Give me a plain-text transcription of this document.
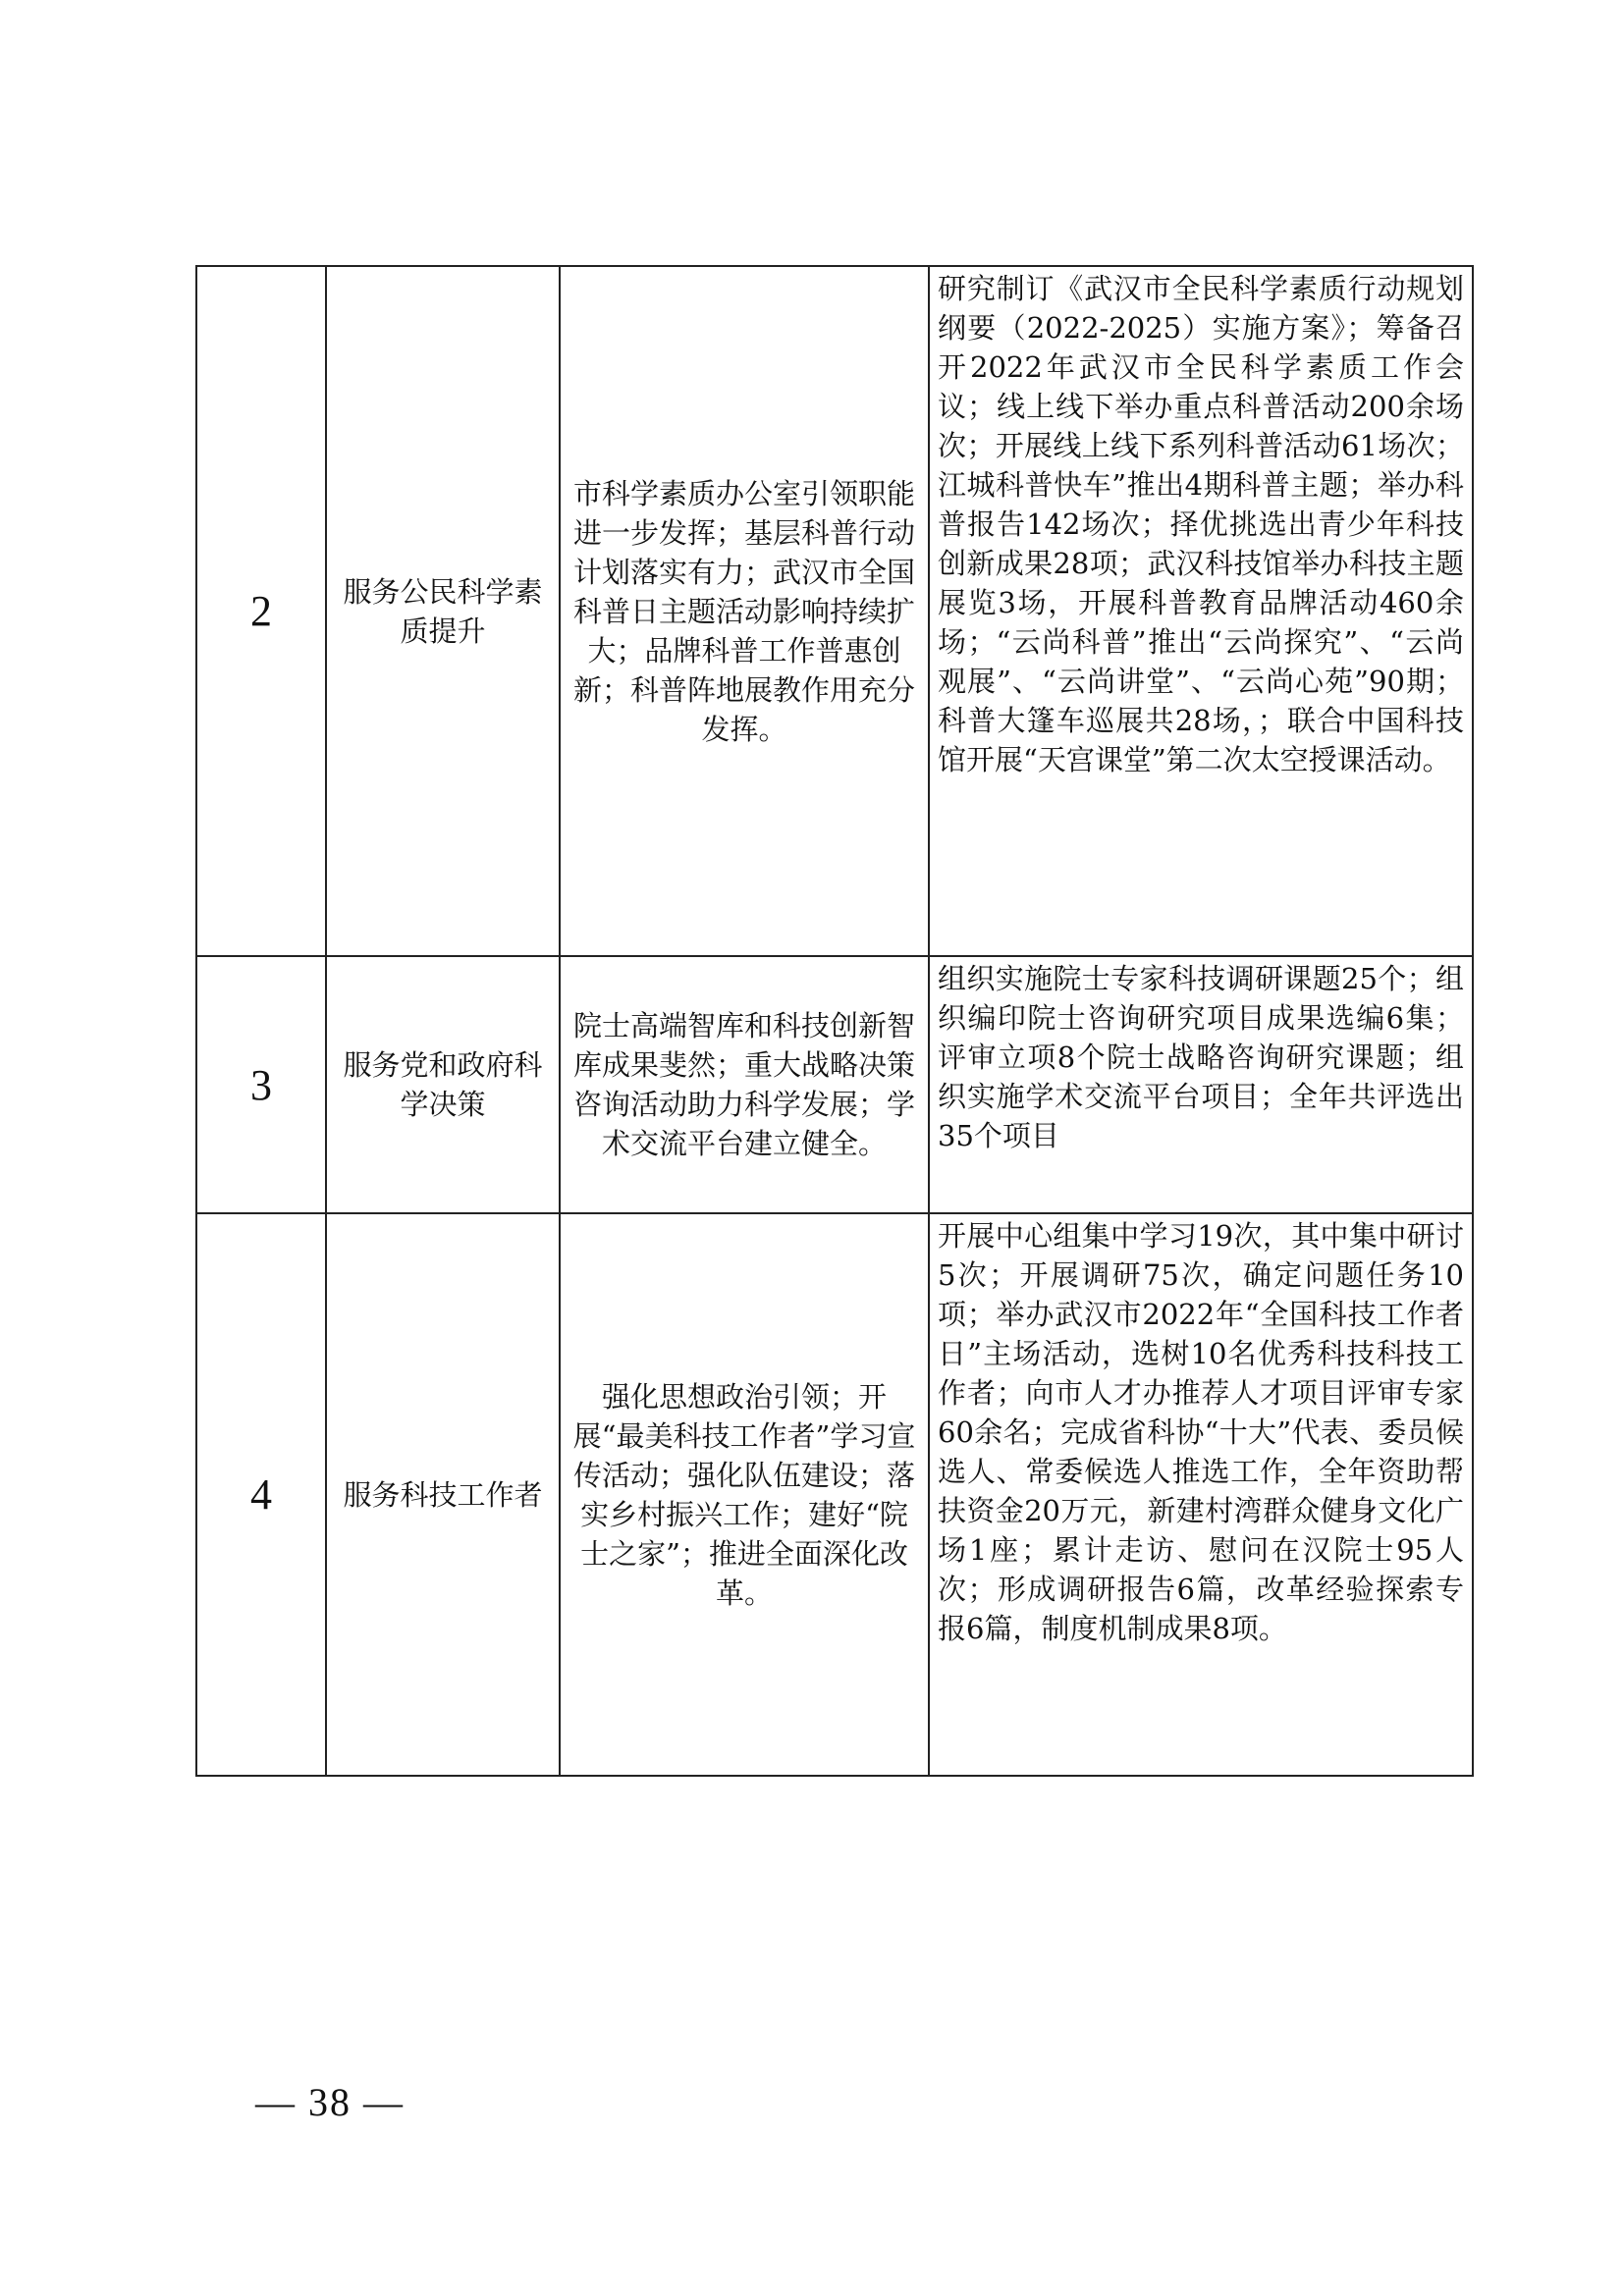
2	服务公民科学素质提升	市科学素质办公室引领职能进一步发挥；基层科普行动计划落实有力；武汉市全国科普日主题活动影响持续扩大；品牌科普工作普惠创新；科普阵地展教作用充分发挥。	研究制订《武汉市全民科学素质行动规划纲要（2022-2025）实施方案》；筹备召开2022年武汉市全民科学素质工作会议；线上线下举办重点科普活动200余场次；开展线上线下系列科普活动61场次；江城科普快车”推出4期科普主题；举办科普报告142场次；择优挑选出青少年科技创新成果28项；武汉科技馆举办科技主题展览3场，开展科普教育品牌活动460余场；“云尚科普”推出“云尚探究”、“云尚观展”、“云尚讲堂”、“云尚心苑”90期；科普大篷车巡展共28场，；联合中国科技馆开展“天宫课堂”第二次太空授课活动。
3	服务党和政府科学决策	院士高端智库和科技创新智库成果斐然；重大战略决策咨询活动助力科学发展；学术交流平台建立健全。	组织实施院士专家科技调研课题25个；组织编印院士咨询研究项目成果选编6集；评审立项8个院士战略咨询研究课题；组织实施学术交流平台项目；全年共评选出35个项目
4	服务科技工作者	强化思想政治引领；开展“最美科技工作者”学习宣传活动；强化队伍建设；落实乡村振兴工作；建好“院士之家”；推进全面深化改革。	开展中心组集中学习19次，其中集中研讨5次；开展调研75次，确定问题任务10项；举办武汉市2022年“全国科技工作者日”主场活动，选树10名优秀科技科技工作者；向市人才办推荐人才项目评审专家60余名；完成省科协“十大”代表、委员候选人、常委候选人推选工作，全年资助帮扶资金20万元，新建村湾群众健身文化广场1座；累计走访、慰问在汉院士95人次；形成调研报告6篇，改革经验探索专报6篇，制度机制成果8项。
— 38 —
